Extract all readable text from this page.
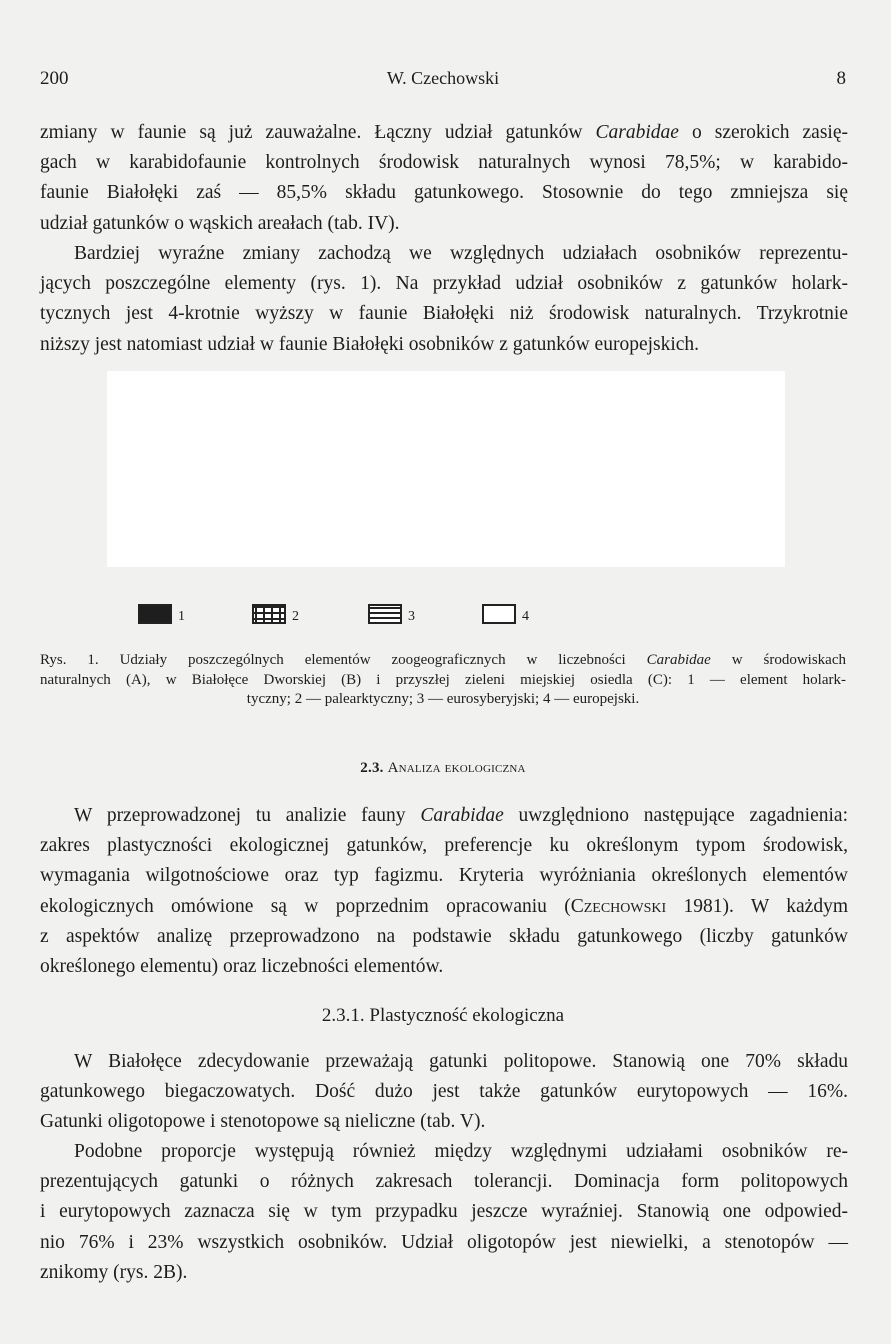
200	W. Czechowski	8
zmiany w faunie są już zauważalne. Łączny udział gatunków Carabidae o szerokich zasię-
gach w karabidofaunie kontrolnych środowisk naturalnych wynosi 78,5%; w karabido-
faunie Białołęki zaś — 85,5% składu gatunkowego. Stosownie do tego zmniejsza się
udział gatunków o wąskich areałach (tab. IV).
Bardziej wyraźne zmiany zachodzą we względnych udziałach osobników reprezentu-
jących poszczególne elementy (rys. 1). Na przykład udział osobników z gatunków holark-
tycznych jest 4-krotnie wyższy w faunie Białołęki niż środowisk naturalnych. Trzykrotnie
niższy jest natomiast udział w faunie Białołęki osobników z gatunków europejskich.
1	2	3	4
Rys. 1. Udziały poszczególnych elementów zoogeograficznych w liczebności Carabidae w środowiskach
naturalnych (A), w Białołęce Dworskiej (B) i przyszłej zieleni miejskiej osiedla (C): 1 — element holark-
tyczny; 2 — palearktyczny; 3 — eurosyberyjski; 4 — europejski.

2.3. Analiza ekologiczna

W przeprowadzonej tu analizie fauny Carabidae uwzględniono następujące zagadnienia:
zakres plastyczności ekologicznej gatunków, preferencje ku określonym typom środowisk,
wymagania wilgotnościowe oraz typ fagizmu. Kryteria wyróżniania określonych elementów
ekologicznych omówione są w poprzednim opracowaniu (Czechowski 1981). W każdym
z aspektów analizę przeprowadzono na podstawie składu gatunkowego (liczby gatunków
określonego elementu) oraz liczebności elementów.

2.3.1. Plastyczność ekologiczna

W Białołęce zdecydowanie przeważają gatunki politopowe. Stanowią one 70% składu
gatunkowego biegaczowatych. Dość dużo jest także gatunków eurytopowych — 16%.
Gatunki oligotopowe i stenotopowe są nieliczne (tab. V).
Podobne proporcje występują również między względnymi udziałami osobników re-
prezentujących gatunki o różnych zakresach tolerancji. Dominacja form politopowych
i eurytopowych zaznacza się w tym przypadku jeszcze wyraźniej. Stanowią one odpowied-
nio 76% i 23% wszystkich osobników. Udział oligotopów jest niewielki, a stenotopów —
znikomy (rys. 2B).
